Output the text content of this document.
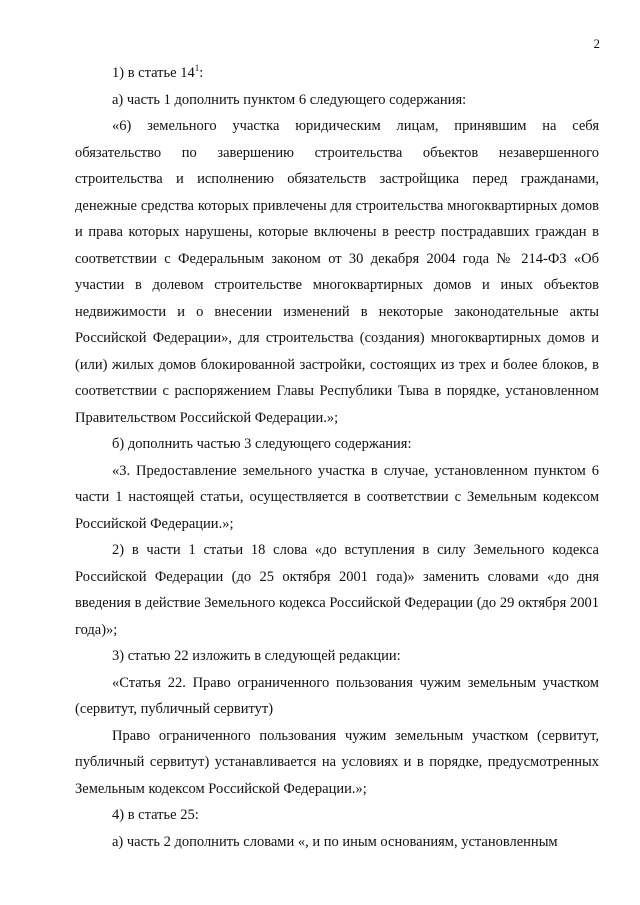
2

1) в статье $14^1$:

а) часть 1 дополнить пунктом 6 следующего содержания:

«6) земельного участка юридическим лицам, принявшим на себя обязательство по завершению строительства объектов незавершенного строительства и исполнению обязательств застройщика перед гражданами, денежные средства которых привлечены для строительства многоквартирных домов и права которых нарушены, которые включены в реестр пострадавших граждан в соответствии с Федеральным законом от 30 декабря 2004 года № 214-ФЗ «Об участии в долевом строительстве многоквартирных домов и иных объектов недвижимости и о внесении изменений в некоторые законодательные акты Российской Федерации», для строительства (создания) многоквартирных домов и (или) жилых домов блокированной застройки, состоящих из трех и более блоков, в соответствии с распоряжением Главы Республики Тыва в порядке, установленном Правительством Российской Федерации.»;

б) дополнить частью 3 следующего содержания:

«3. Предоставление земельного участка в случае, установленном пунктом 6 части 1 настоящей статьи, осуществляется в соответствии с Земельным кодексом Российской Федерации.»;

2) в части 1 статьи 18 слова «до вступления в силу Земельного кодекса Российской Федерации (до 25 октября 2001 года)» заменить словами «до дня введения в действие Земельного кодекса Российской Федерации (до 29 октября 2001 года)»;

3) статью 22 изложить в следующей редакции:

«Статья 22. Право ограниченного пользования чужим земельным участком (сервитут, публичный сервитут)

Право ограниченного пользования чужим земельным участком (сервитут, публичный сервитут) устанавливается на условиях и в порядке, предусмотренных Земельным кодексом Российской Федерации.»;

4) в статье 25:

а) часть 2 дополнить словами «, и по иным основаниям, установленным
